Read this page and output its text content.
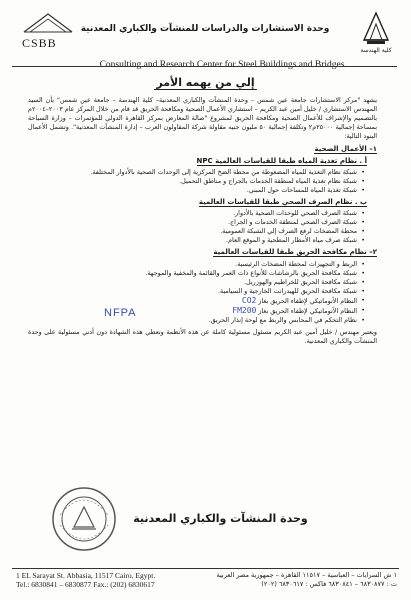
CSBB
وحدة الاستشارات والدراسات للمنشآت والكباري المعدنية
Consulting and Research Center for Steel Buildings and Bridges
كلية الهندسة
إلي من يهمه الأمر

يشهد "مركز الاستشارات جامعة عين شمس – وحدة المنشآت والكباري المعدنية– كلية الهندسة – جامعة عين شمس" بأن السيد المهندس الاستشاري / خليل أمين عبد الكريم – استشاري الأعمال الصحية ومكافحة الحريق قد قام من خلال المركز عام ٢٠٠٣–٢٠٠٤م بالتصميم والإشراف للأعمال الصحية ومكافحة الحريق لمشروع "صالة المعارض بمركز القاهرة الدولي للمؤتمرات – وزارة السياحة بمساحة إجمالية ٢٥٠٠٠م٢ وتكلفة إجمالية ٥٠ مليون جنيه مقاولة شركة المقاولون العرب – إدارة المنشآت المعدنية". وتشمل الأعمال البنود التالية:

١– الأعمال الصحية
أ . نظام تغذية المياه طبقا للقياسات العالمية NPC
• شبكة نظام التغذية للمياه المضغوطة من محطة الضخ المركزية إلى الوحدات الصحية بالأدوار المختلفة.
• شبكة نظام تغذية المياه لمنطقة الخدمات بالجراج و مناطق التحميل.
• شبكة تغذية المياه للمساحات حول المبني.
ب . نظام الصرف الصحي طبقا للقياسات العالمية
• شبكة الصرف الصحي للوحدات الصحية بالأدوار.
• شبكة الصرف الصحي لمنطقة الخدمات و الجراج.
• محطة المضخات لرفع الصرف إلي الشبكة العمومية.
• شبكة صرف مياه الأمطار المطحية و الموقع العام.
٢– نظام مكافحة الحريق طبقا للقياسات العالمية
• الربط و التجهيزات لمحطة المضخات الرئيسية.
• شبكة مكافحة الحريق بالرشاشات للأنواع ذات الغمر والقائمة والمخفية والموجهة.
• شبكة مكافحة الحريق للخراطيم والهوزريل.
• شبكة مكافحة الحريق للهيدرانت الخارجية و السيامية.
• النظام الأتوماتيكي لإطفاء الحريق بغازCO2
• النظام الأتوماتيكي لإطفاء الحريق بغازFM200
• نظام التحكم في المحابس والربط مع لوحة إنذار الحريق.

ويعتبر مهندس / خليل أمين عبد الكريم مسئول مسئولية كاملة عن هذه الأنظمة وتعطي هذه الشهادة دون أدني مسئولية على وحدة المنشآت والكباري المعدنية.

NFPA
وحدة المنشآت والكباري المعدنية
1 EL Sarayat St. Abbasia, 11517 Cairo, Egypt.
Tel.: 6830841 – 6830877 Fax.: (202) 6830617
١ ش السرايات – العباسية – ١١٥١٧ القاهرة – جمهورية مصر العربية
ت : ٦٨٣٠٨٧٧ – ٦٨٣٠٨٤١ فاكس : ٦٨٣٠٦١٧ (٢٠٢)
